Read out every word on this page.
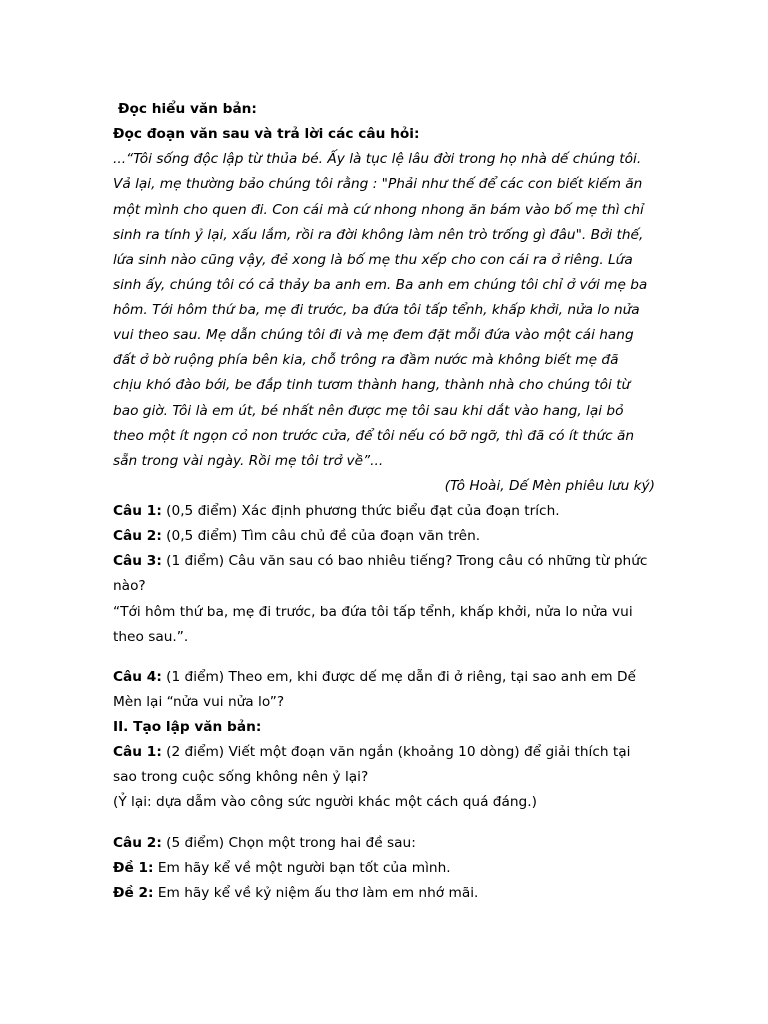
Đọc hiểu văn bản:
Đọc đoạn văn sau và trả lời các câu hỏi:
...“Tôi sống độc lập từ thủa bé. Ấy là tục lệ lâu đời trong họ nhà dế chúng tôi.
Vả lại, mẹ thường bảo chúng tôi rằng : "Phải như thế để các con biết kiếm ăn
một mình cho quen đi. Con cái mà cứ nhong nhong ăn bám vào bố mẹ thì chỉ
sinh ra tính ỷ lại, xấu lắm, rồi ra đời không làm nên trò trống gì đâu". Bởi thế,
lứa sinh nào cũng vậy, đẻ xong là bố mẹ thu xếp cho con cái ra ở riêng. Lứa
sinh ấy, chúng tôi có cả thảy ba anh em. Ba anh em chúng tôi chỉ ở với mẹ ba
hôm. Tới hôm thứ ba, mẹ đi trước, ba đứa tôi tấp tểnh, khấp khởi, nửa lo nửa
vui theo sau. Mẹ dẫn chúng tôi đi và mẹ đem đặt mỗi đứa vào một cái hang
đất ở bờ ruộng phía bên kia, chỗ trông ra đầm nước mà không biết mẹ đã
chịu khó đào bới, be đắp tinh tươm thành hang, thành nhà cho chúng tôi từ
bao giờ. Tôi là em út, bé nhất nên được mẹ tôi sau khi dắt vào hang, lại bỏ
theo một ít ngọn cỏ non trước cửa, để tôi nếu có bỡ ngỡ, thì đã có ít thức ăn
sẵn trong vài ngày. Rồi mẹ tôi trở về”...
(Tô Hoài, Dế Mèn phiêu lưu ký)
Câu 1: (0,5 điểm) Xác định phương thức biểu đạt của đoạn trích.
Câu 2: (0,5 điểm) Tìm câu chủ đề của đoạn văn trên.
Câu 3: (1 điểm) Câu văn sau có bao nhiêu tiếng? Trong câu có những từ phức
nào?
“Tới hôm thứ ba, mẹ đi trước, ba đứa tôi tấp tểnh, khấp khởi, nửa lo nửa vui
theo sau.”.
Câu 4: (1 điểm) Theo em, khi được dế mẹ dẫn đi ở riêng, tại sao anh em Dế
Mèn lại “nửa vui nửa lo”?
II. Tạo lập văn bản:
Câu 1: (2 điểm) Viết một đoạn văn ngắn (khoảng 10 dòng) để giải thích tại
sao trong cuộc sống không nên ỷ lại?
(Ỷ lại: dựa dẫm vào công sức người khác một cách quá đáng.)
Câu 2: (5 điểm) Chọn một trong hai đề sau:
Đề 1: Em hãy kể về một người bạn tốt của mình.
Đề 2: Em hãy kể về kỷ niệm ấu thơ làm em nhớ mãi.
